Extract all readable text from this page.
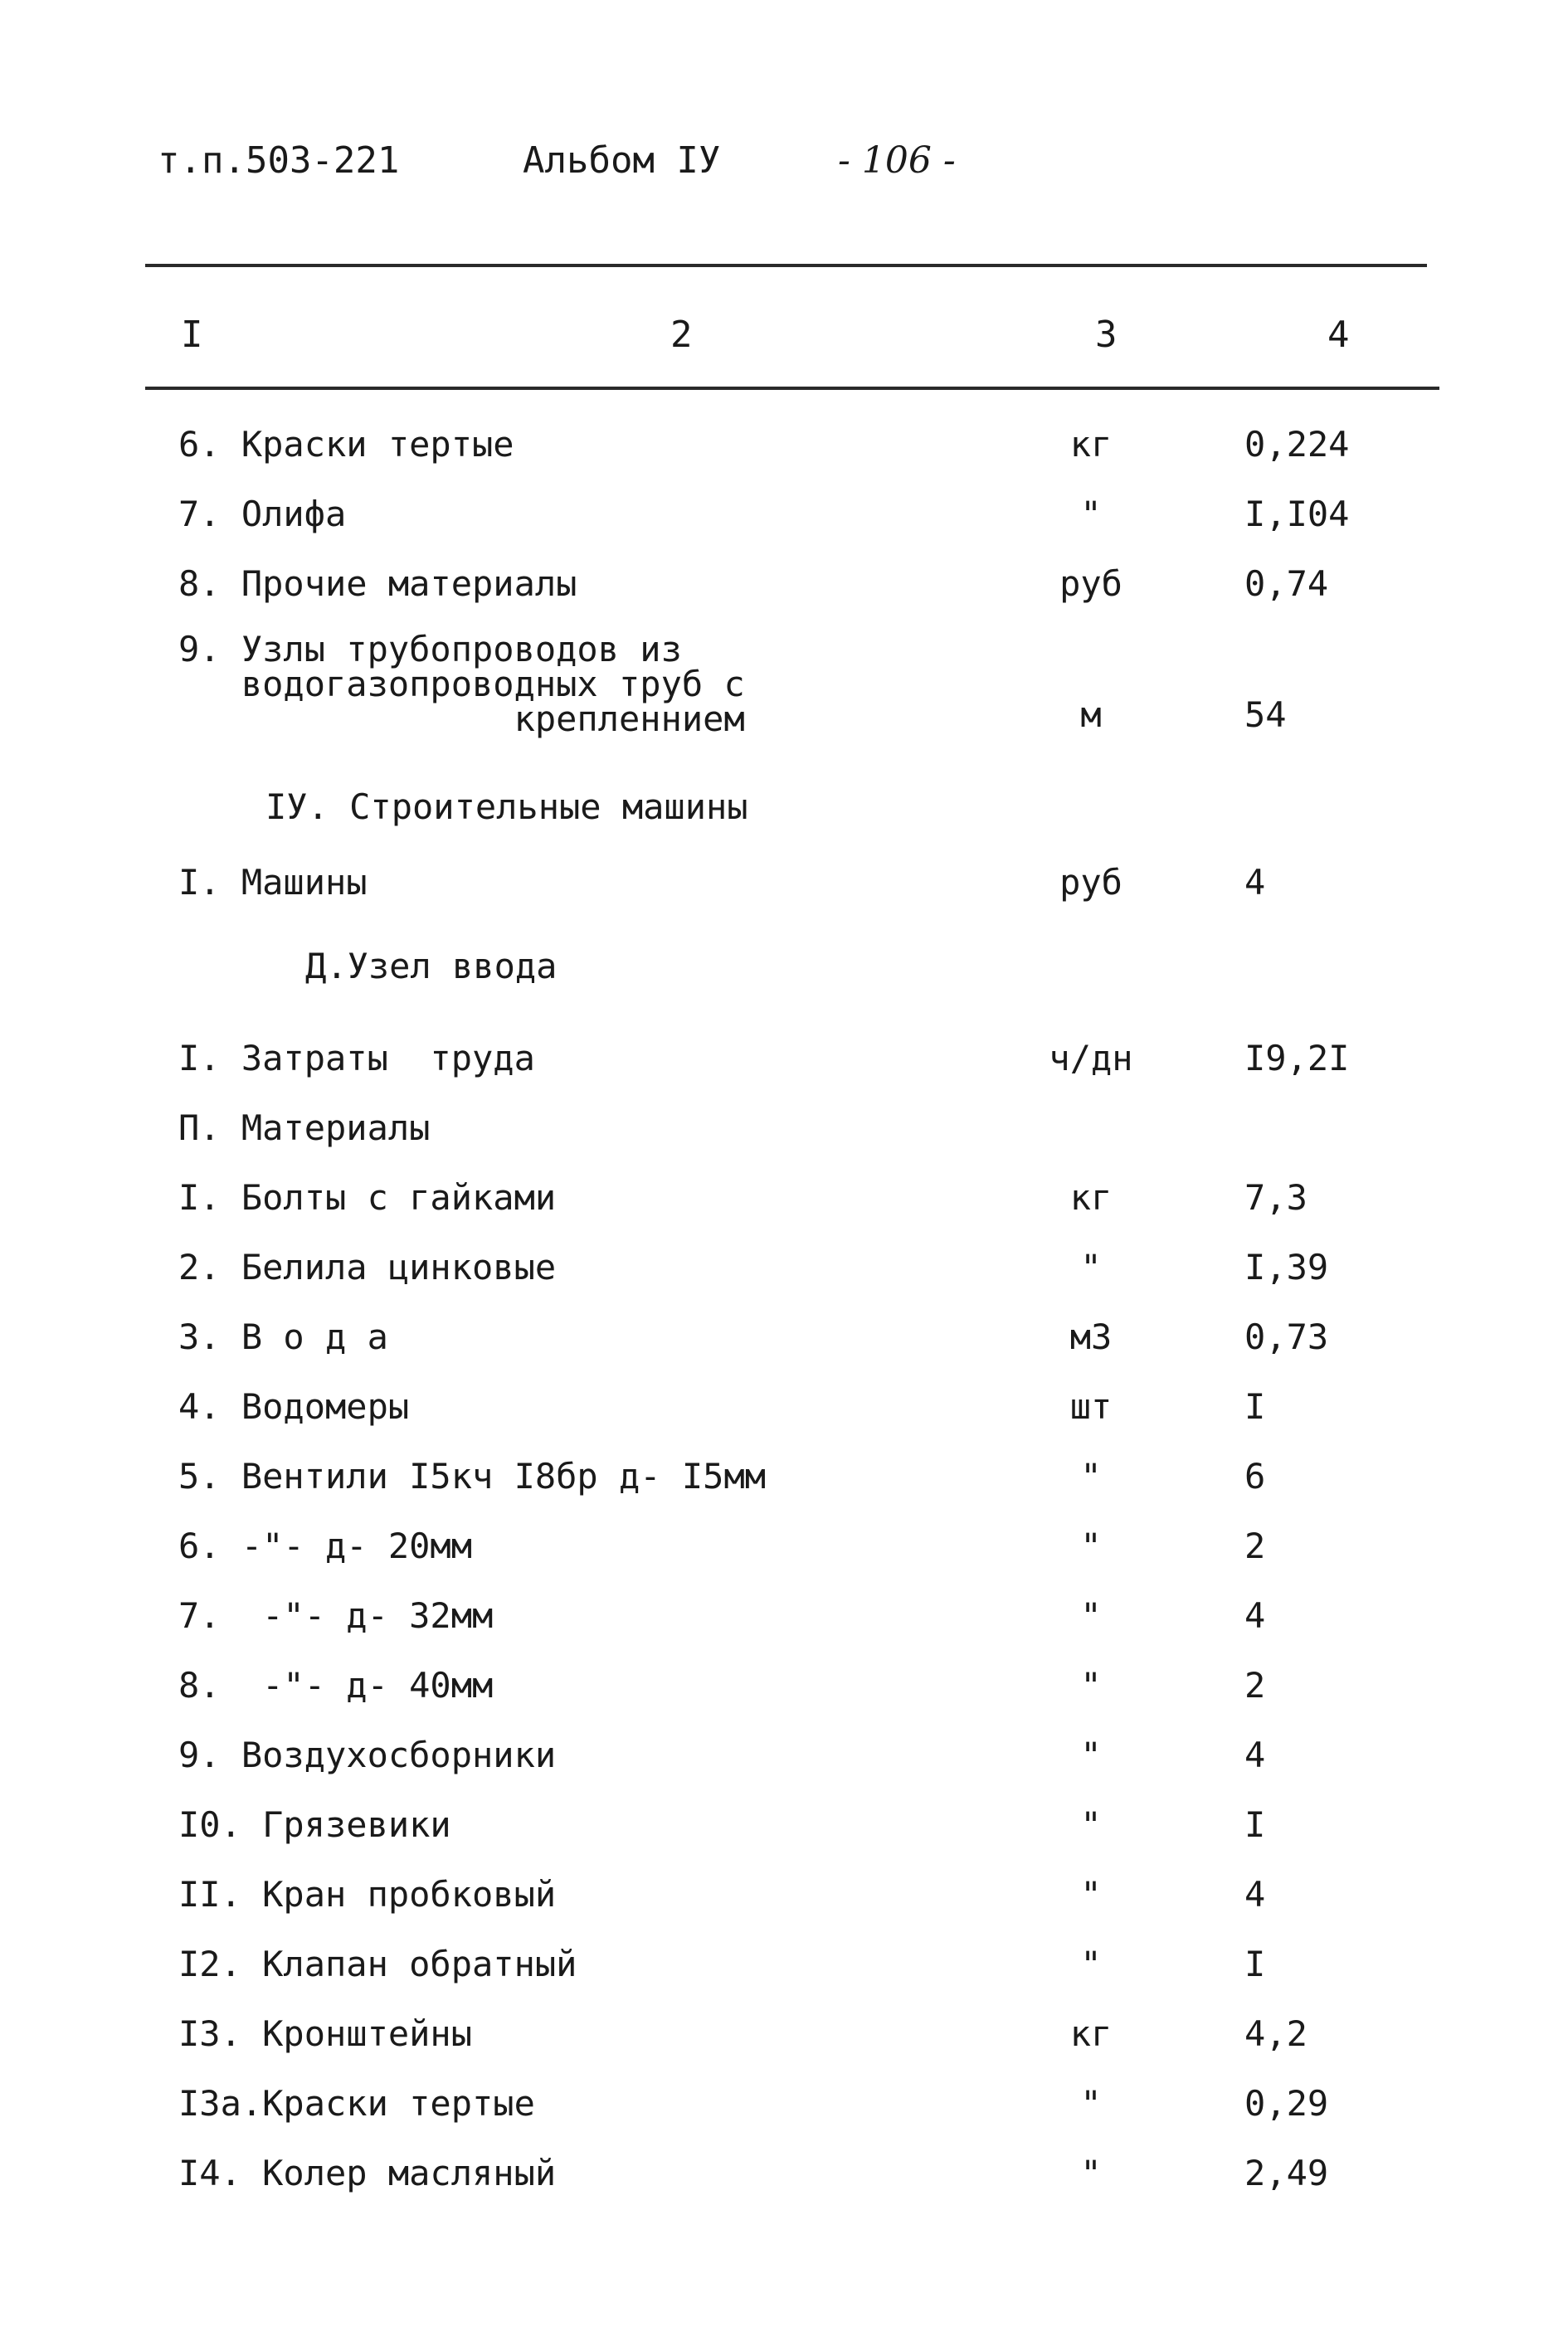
т.п.503-221	Альбом IУ	- 106 -
I	2	3	4
6. Краски тертые	кг	0,224
7. Олифа	"	I,I04
8. Прочие материалы	руб	0,74
9. Узлы трубопроводов из
водогазопроводных труб с
крепленнием	м	54
IУ. Строительные машины
I. Машины	руб	4
Д.Узел ввода
I. Затраты  труда	ч/дн	I9,2I
П. Материалы
I. Болты с гайками	кг	7,3
2. Белила цинковые	"	I,39
3. В о д а	м3	0,73
4. Водомеры	шт	I
5. Вентили I5кч I8бр д- I5мм	"	6
6. -"- д- 20мм	"	2
7.  -"- д- 32мм	"	4
8.  -"- д- 40мм	"	2
9. Воздухосборники	"	4
I0. Грязевики	"	I
II. Кран пробковый	"	4
I2. Клапан обратный	"	I
I3. Кронштейны	кг	4,2
I3а.Краски тертые	"	0,29
I4. Колер масляный	"	2,49
